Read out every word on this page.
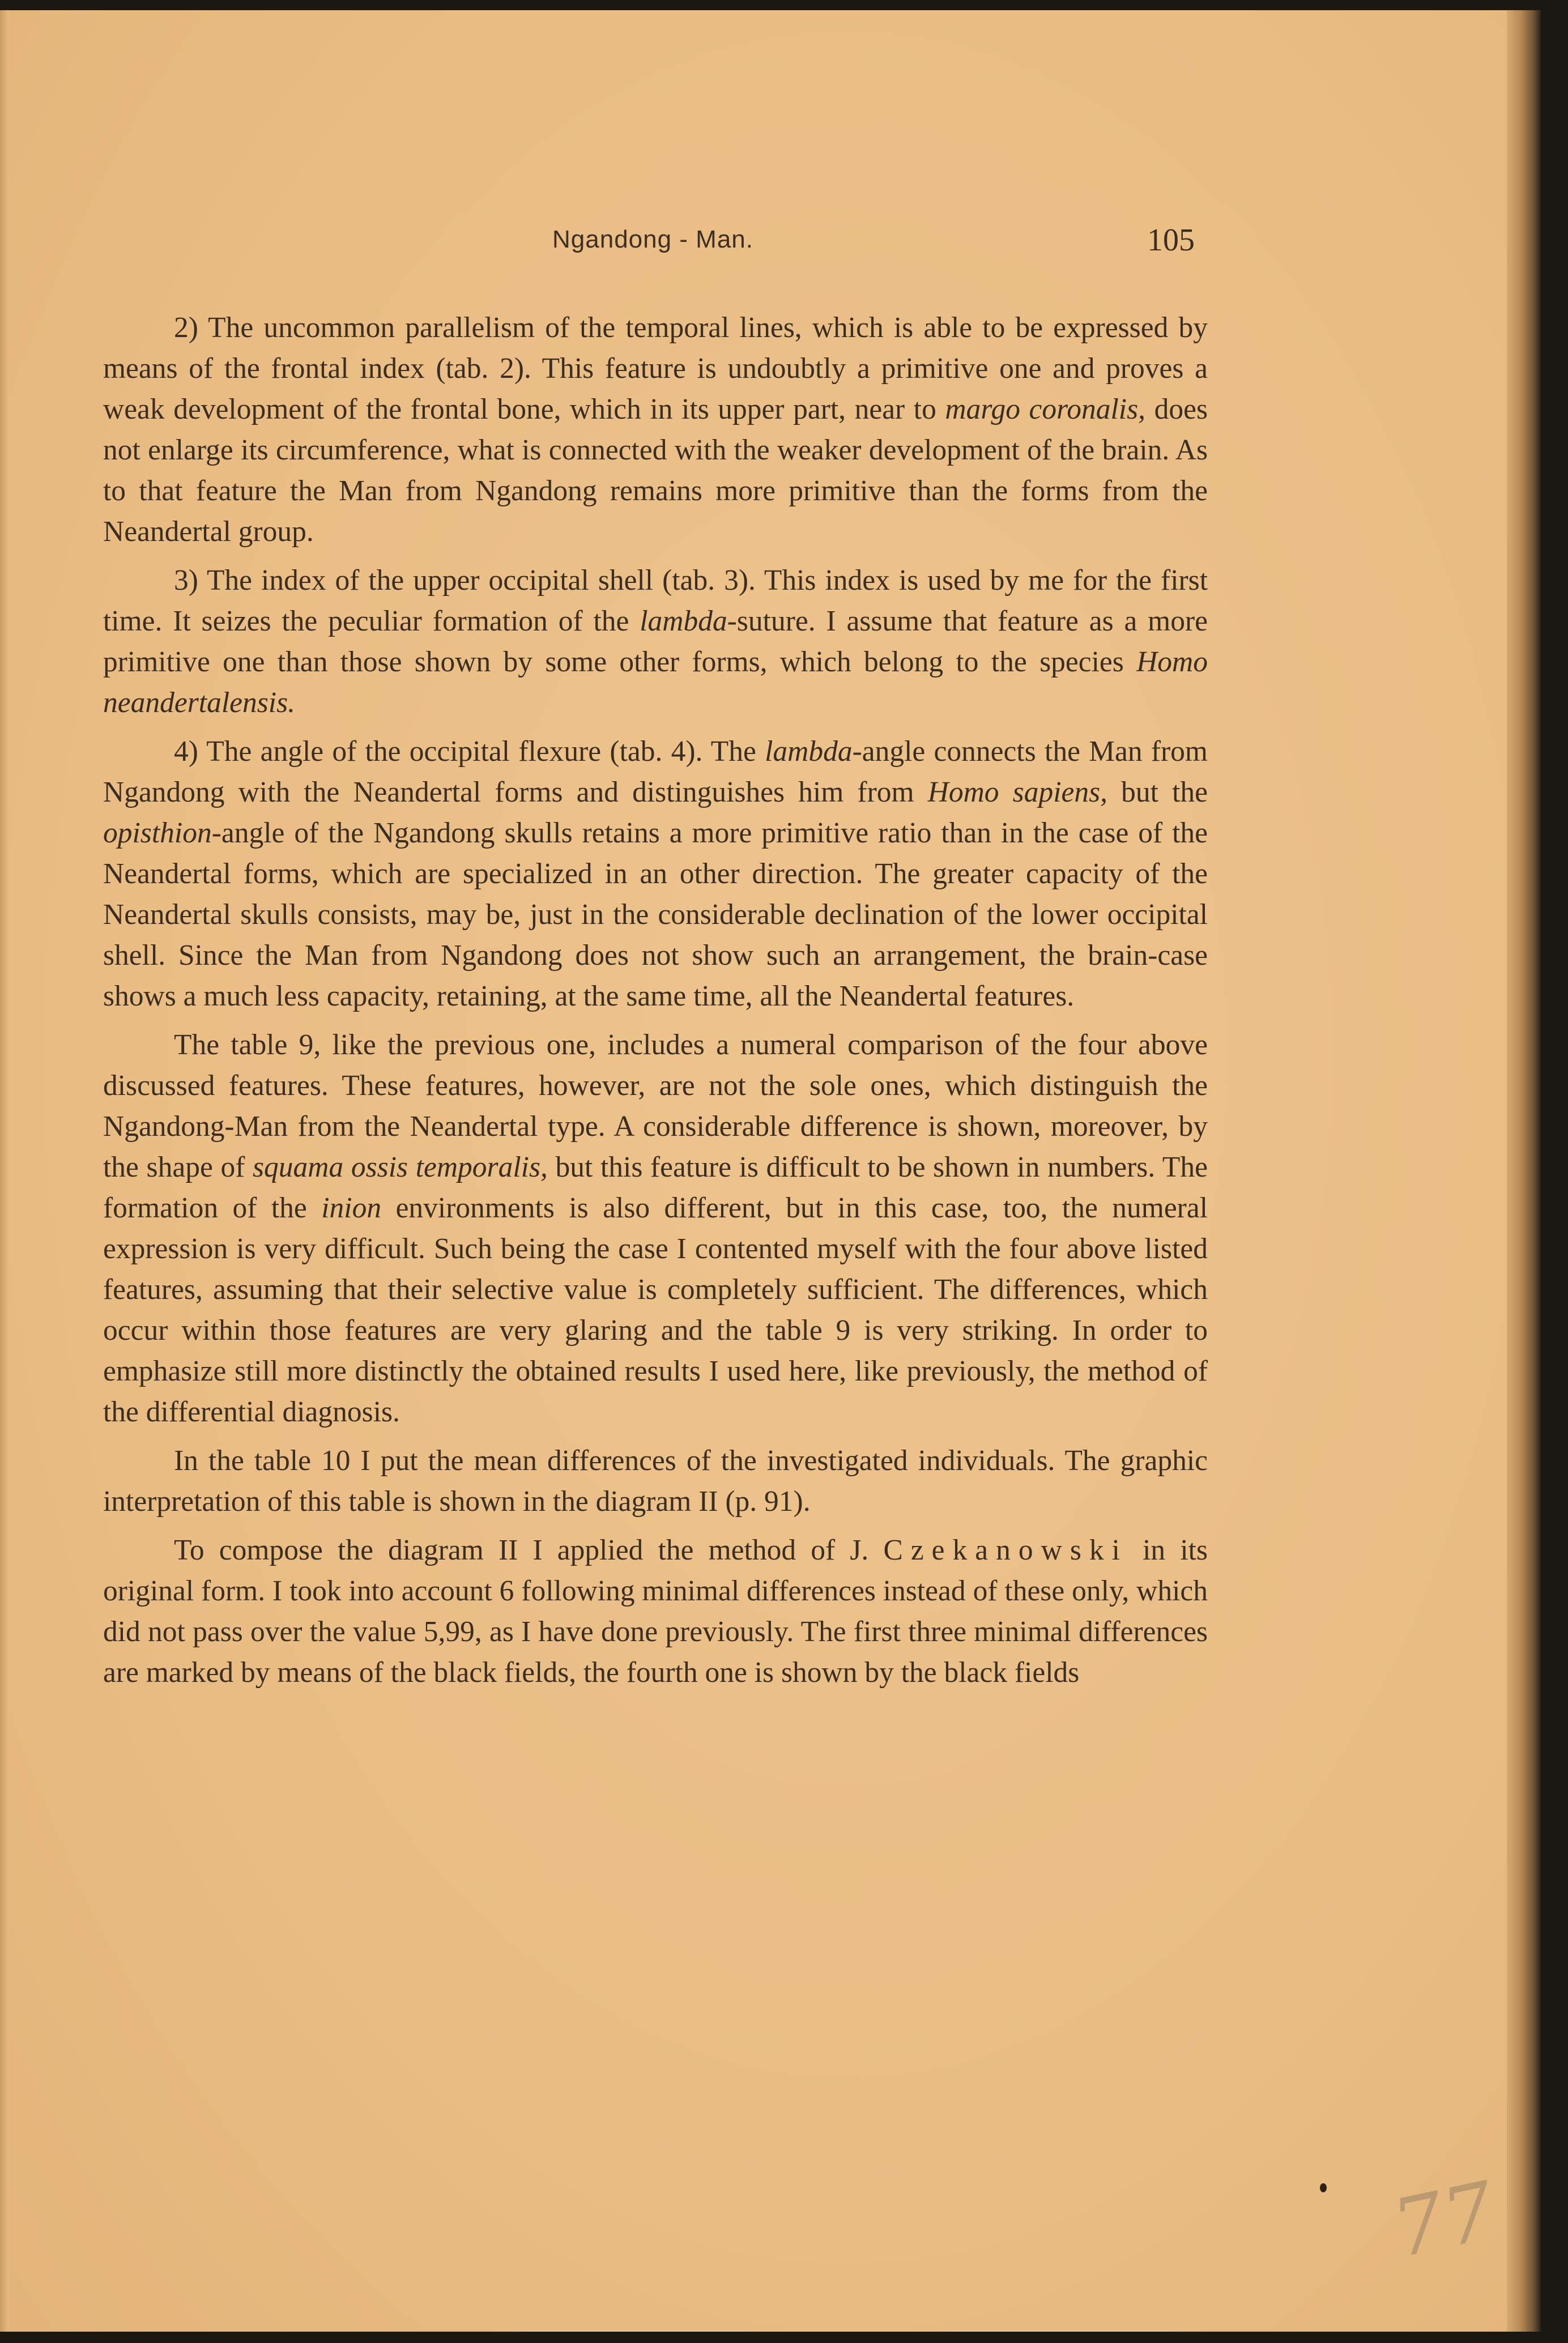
Ngandong - Man.	105

2) The uncommon parallelism of the temporal lines, which is able to be expressed by means of the frontal index (tab. 2). This feature is undoubtly a primitive one and proves a weak development of the frontal bone, which in its upper part, near to margo coronalis, does not enlarge its circumference, what is connected with the weaker development of the brain. As to that feature the Man from Ngandong remains more primitive than the forms from the Neandertal group.

3) The index of the upper occipital shell (tab. 3). This index is used by me for the first time. It seizes the peculiar formation of the lambda-suture. I assume that feature as a more primitive one than those shown by some other forms, which belong to the species Homo neandertalensis.

4) The angle of the occipital flexure (tab. 4). The lambda-angle connects the Man from Ngandong with the Neandertal forms and distinguishes him from Homo sapiens, but the opisthion-angle of the Ngandong skulls retains a more primitive ratio than in the case of the Neandertal forms, which are specialized in an other direction. The greater capacity of the Neandertal skulls consists, may be, just in the considerable declination of the lower occipital shell. Since the Man from Ngandong does not show such an arrangement, the brain-case shows a much less capacity, retaining, at the same time, all the Neandertal features.

The table 9, like the previous one, includes a numeral comparison of the four above discussed features. These features, however, are not the sole ones, which distinguish the Ngandong-Man from the Neandertal type. A considerable difference is shown, moreover, by the shape of squama ossis temporalis, but this feature is difficult to be shown in numbers. The formation of the inion environments is also different, but in this case, too, the numeral expression is very difficult. Such being the case I contented myself with the four above listed features, assuming that their selective value is completely sufficient. The differences, which occur within those features are very glaring and the table 9 is very striking. In order to emphasize still more distinctly the obtained results I used here, like previously, the method of the differential diagnosis.

In the table 10 I put the mean differences of the investigated individuals. The graphic interpretation of this table is shown in the diagram II (p. 91).

To compose the diagram II I applied the method of J. Czekanowski in its original form. I took into account 6 following minimal differences instead of these only, which did not pass over the value 5,99, as I have done previously. The first three minimal differences are marked by means of the black fields, the fourth one is shown by the black fields

77
